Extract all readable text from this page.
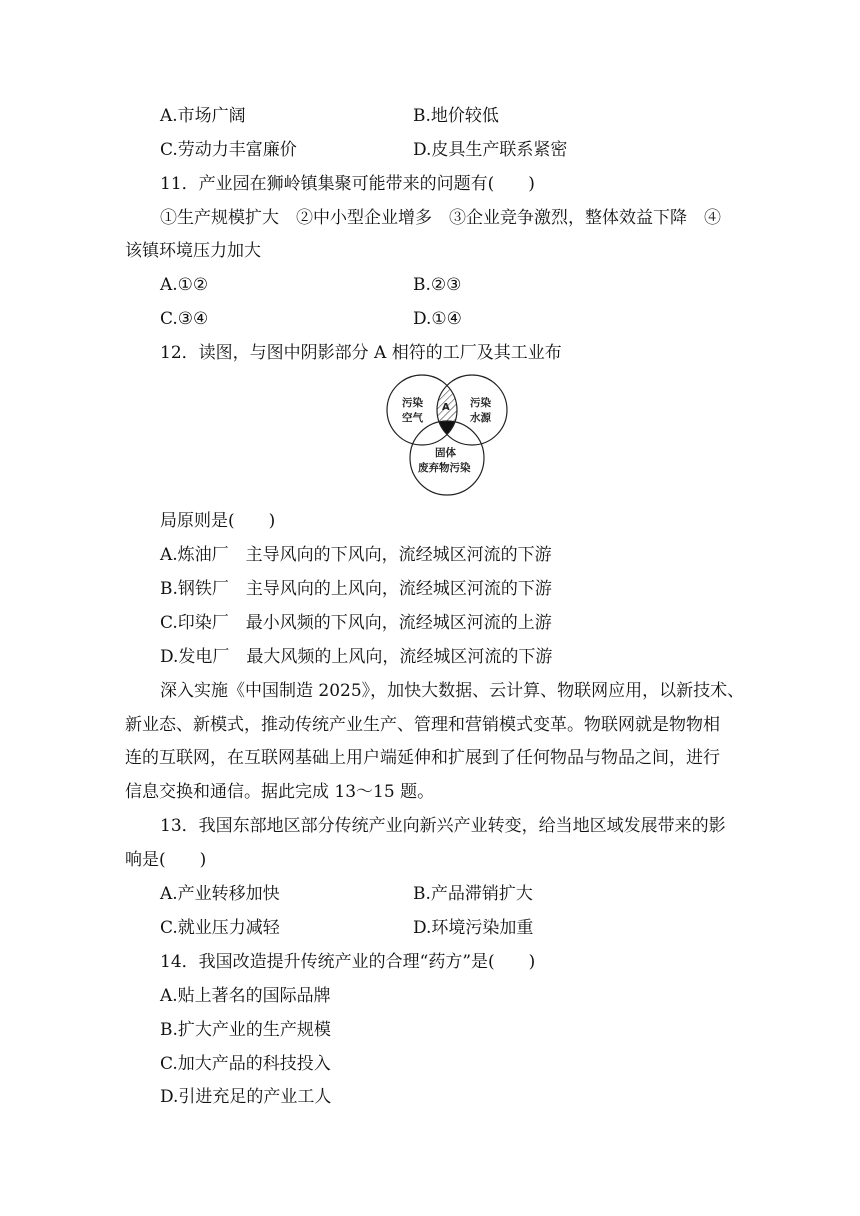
A.市场广阔	B.地价较低
C.劳动力丰富廉价	D.皮具生产联系紧密
11．产业园在狮岭镇集聚可能带来的问题有(　　)
①生产规模扩大　②中小型企业增多　③企业竞争激烈，整体效益下降　④
该镇环境压力加大
A.①②	B.②③
C.③④	D.①④
12．读图，与图中阴影部分 A 相符的工厂及其工业布
污染
空气
污染
水源
固体
废弃物污染
A
局原则是(　　)
A.炼油厂　主导风向的下风向，流经城区河流的下游
B.钢铁厂　主导风向的上风向，流经城区河流的下游
C.印染厂　最小风频的下风向，流经城区河流的上游
D.发电厂　最大风频的上风向，流经城区河流的下游
深入实施《中国制造 2025》，加快大数据、云计算、物联网应用，以新技术、
新业态、新模式，推动传统产业生产、管理和营销模式变革。物联网就是物物相
连的互联网，在互联网基础上用户端延伸和扩展到了任何物品与物品之间，进行
信息交换和通信。据此完成 13～15 题。
13．我国东部地区部分传统产业向新兴产业转变，给当地区域发展带来的影
响是(　　)
A.产业转移加快	B.产品滞销扩大
C.就业压力减轻	D.环境污染加重
14．我国改造提升传统产业的合理“药方”是(　　)
A.贴上著名的国际品牌
B.扩大产业的生产规模
C.加大产品的科技投入
D.引进充足的产业工人
